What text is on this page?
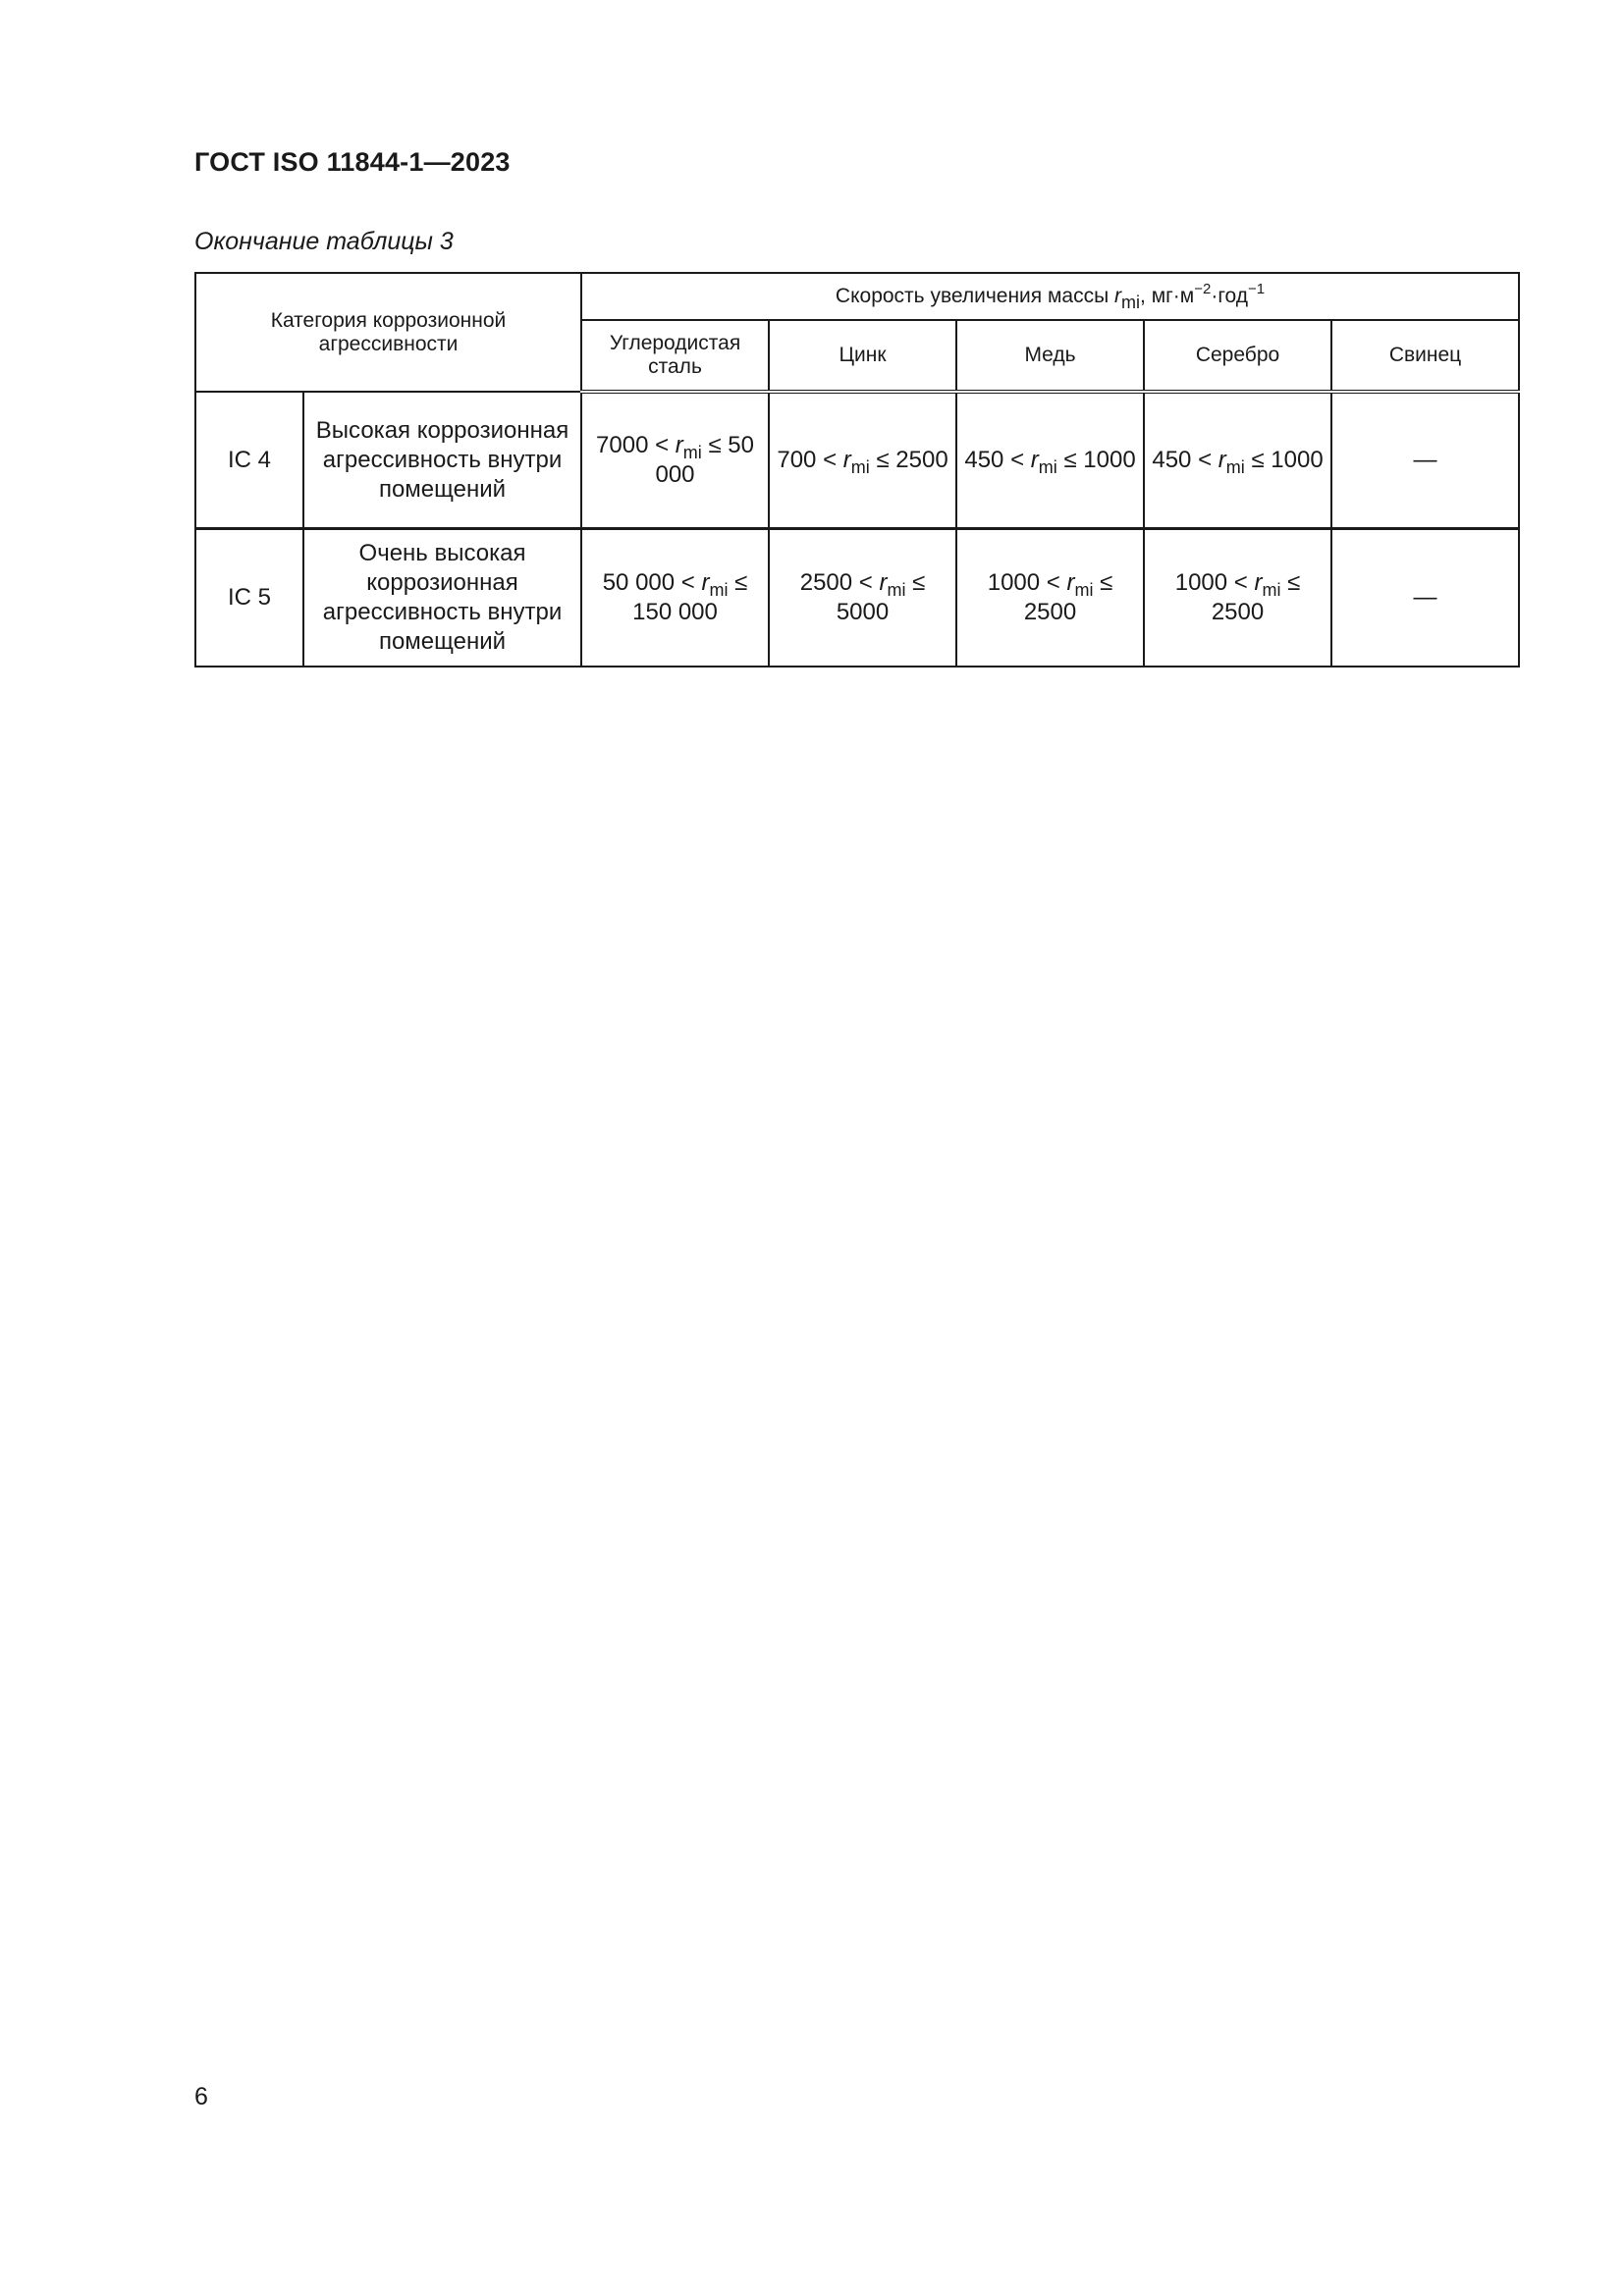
ГОСТ ISO 11844-1—2023
Окончание таблицы 3
Категория коррозионной агрессивности		Скорость увеличения массы $r_{mi}$, $мг\cdot м^{-2}\cdot год^{-1}$
		Углеродистая сталь	Цинк	Медь	Серебро	Свинец
IC 4	Высокая коррозионная агрессивность внутри помещений	$7000 < r_{mi} \le 50$ 000	$700 < r_{mi} \le 2500$	$450 < r_{mi} \le 1000$	$450 < r_{mi} \le 1000$	—
IC 5	Очень высокая коррозионная агрессивность внутри помещений	50 $000 < r_{mi} \le 150$ 000	$2500 < r_{mi} \le 5000$	$1000 < r_{mi} \le 2500$	$1000 < r_{mi} \le 2500$	—
6
